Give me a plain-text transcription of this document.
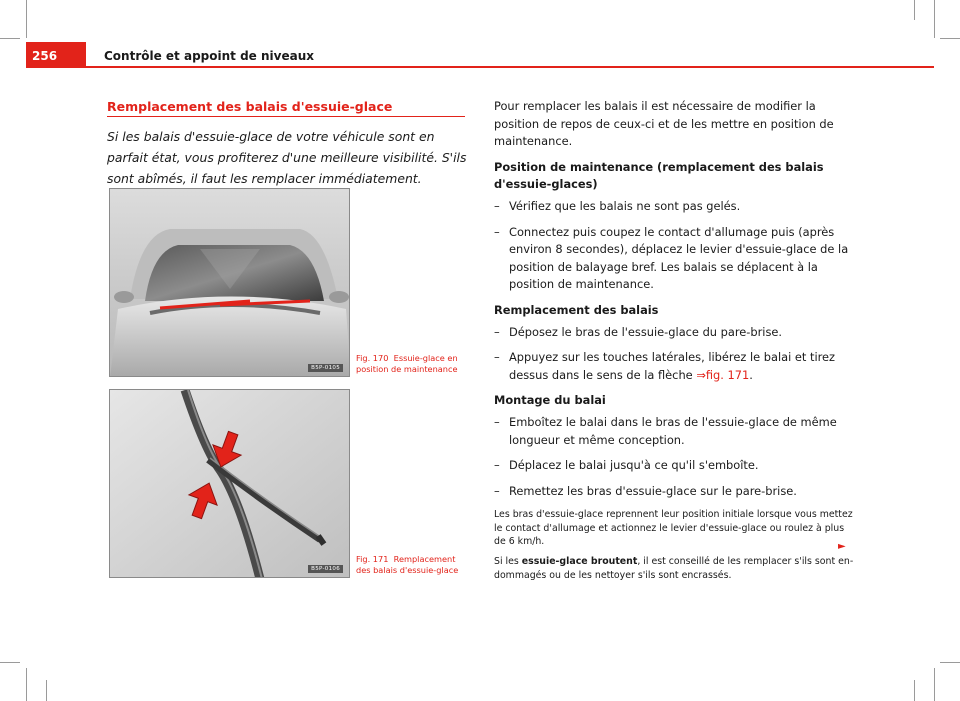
256	Contrôle et appoint de niveaux
Remplacement des balais d'essuie-glace
Si les balais d'essuie-glace de votre véhicule sont en parfait état, vous profiterez d'une meilleure visibilité. S'ils sont abîmés, il faut les remplacer immédiatement.
B5P-0105
Fig. 170 Essuie-glace en position de maintenance
B5P-0106
Fig. 171 Remplacement des balais d'essuie-glace

Pour remplacer les balais il est nécessaire de modifier la position de repos de ceux-ci et de les mettre en position de maintenance.

Position de maintenance (remplacement des balais d'essuie-glaces)

– Vérifiez que les balais ne sont pas gelés.
– Connectez puis coupez le contact d'allumage puis (après environ 8 secondes), déplacez le levier d'essuie-glace de la position de balayage bref. Les balais se déplacent à la position de maintenance.

Remplacement des balais

– Déposez le bras de l'essuie-glace du pare-brise.
– Appuyez sur les touches latérales, libérez le balai et tirez dessus dans le sens de la flèche ⇒fig. 171.

Montage du balai

– Emboîtez le balai dans le bras de l'essuie-glace de même longueur et même conception.
– Déplacez le balai jusqu'à ce qu'il s'emboîte.
– Remettez les bras d'essuie-glace sur le pare-brise.

Les bras d'essuie-glace reprennent leur position initiale lorsque vous mettez le contact d'allumage et actionnez le levier d'essuie-glace ou roulez à plus de 6 km/h.

Si les essuie-glace broutent, il est conseillé de les remplacer s'ils sont endommagés ou de les nettoyer s'ils sont encrassés.

►
